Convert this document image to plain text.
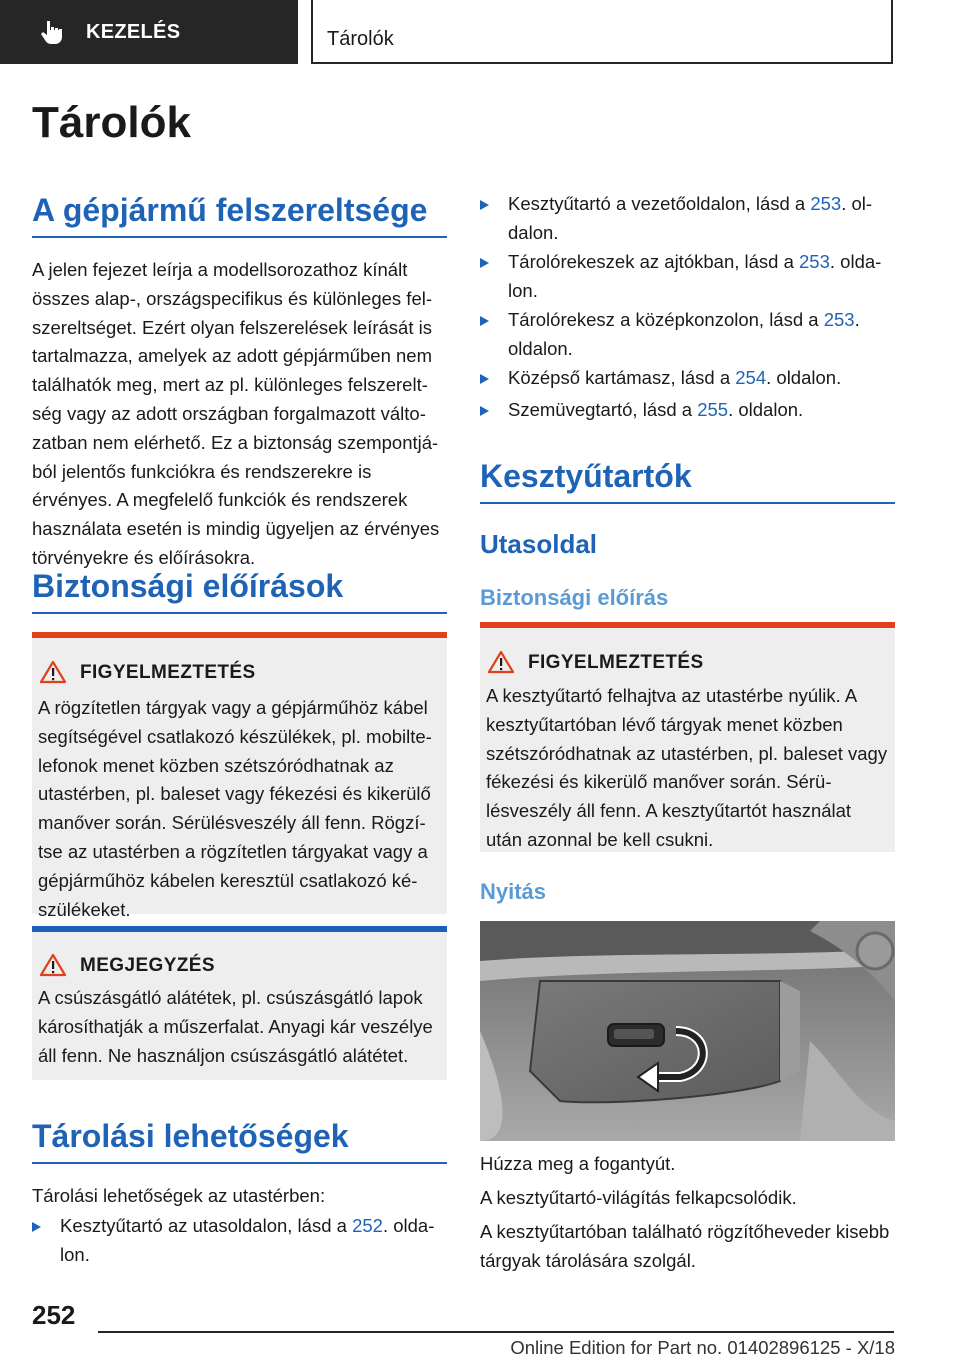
KEZELÉS	Tárolók
Tárolók
A gépjármű felszereltsége

A jelen fejezet leírja a modellsorozathoz kínált összes alap-, országspecifikus és különleges felszereltséget. Ezért olyan felszerelések leírását is tartalmazza, amelyek az adott gépjárműben nem találhatók meg, mert az pl. különleges felszereltség vagy az adott országban forgalmazott változatban nem elérhető. Ez a biztonság szempontjából jelentős funkciókra és rendszerekre is érvényes. A megfelelő funkciók és rendszerek használata esetén is mindig ügyeljen az érvényes törvényekre és előírásokra.

Biztonsági előírások
FIGYELMEZTETÉS

A rögzítetlen tárgyak vagy a gépjárműhöz kábel segítségével csatlakozó készülékek, pl. mobiltelefonok menet közben szétszóródhatnak az utastérben, pl. baleset vagy fékezési és kikerülő manőver során. Sérülésveszély áll fenn. Rögzítse az utastérben a rögzítetlen tárgyakat vagy a gépjárműhöz kábelen keresztül csatlakozó készülékeket.

MEGJEGYZÉS

A csúszásgátló alátétek, pl. csúszásgátló lapok károsíthatják a műszerfalat. Anyagi kár veszélye áll fenn. Ne használjon csúszásgátló alátétet.

Tárolási lehetőségek

Tárolási lehetőségek az utastérben:

Kesztyűtartó az utasoldalon, lásd a 252. oldalon.
Kesztyűtartó a vezetőoldalon, lásd a 253. oldalon.
Tárolórekeszek az ajtókban, lásd a 253. oldalon.
Tárolórekesz a középkonzolon, lásd a 253. oldalon.
Középső kartámasz, lásd a 254. oldalon.
Szemüvegtartó, lásd a 255. oldalon.
Kesztyűtartók
Utasoldal
Biztonsági előírás
FIGYELMEZTETÉS

A kesztyűtartó felhajtva az utastérbe nyúlik. A kesztyűtartóban lévő tárgyak menet közben szétszóródhatnak az utastérben, pl. baleset vagy fékezési és kikerülő manőver során. Sérülésveszély áll fenn. A kesztyűtartót használat után azonnal be kell csukni.

Nyitás

Húzza meg a fogantyút.

A kesztyűtartó-világítás felkapcsolódik.

A kesztyűtartóban található rögzítőheveder kisebb tárgyak tárolására szolgál.

252
Online Edition for Part no. 01402896125 - X/18
